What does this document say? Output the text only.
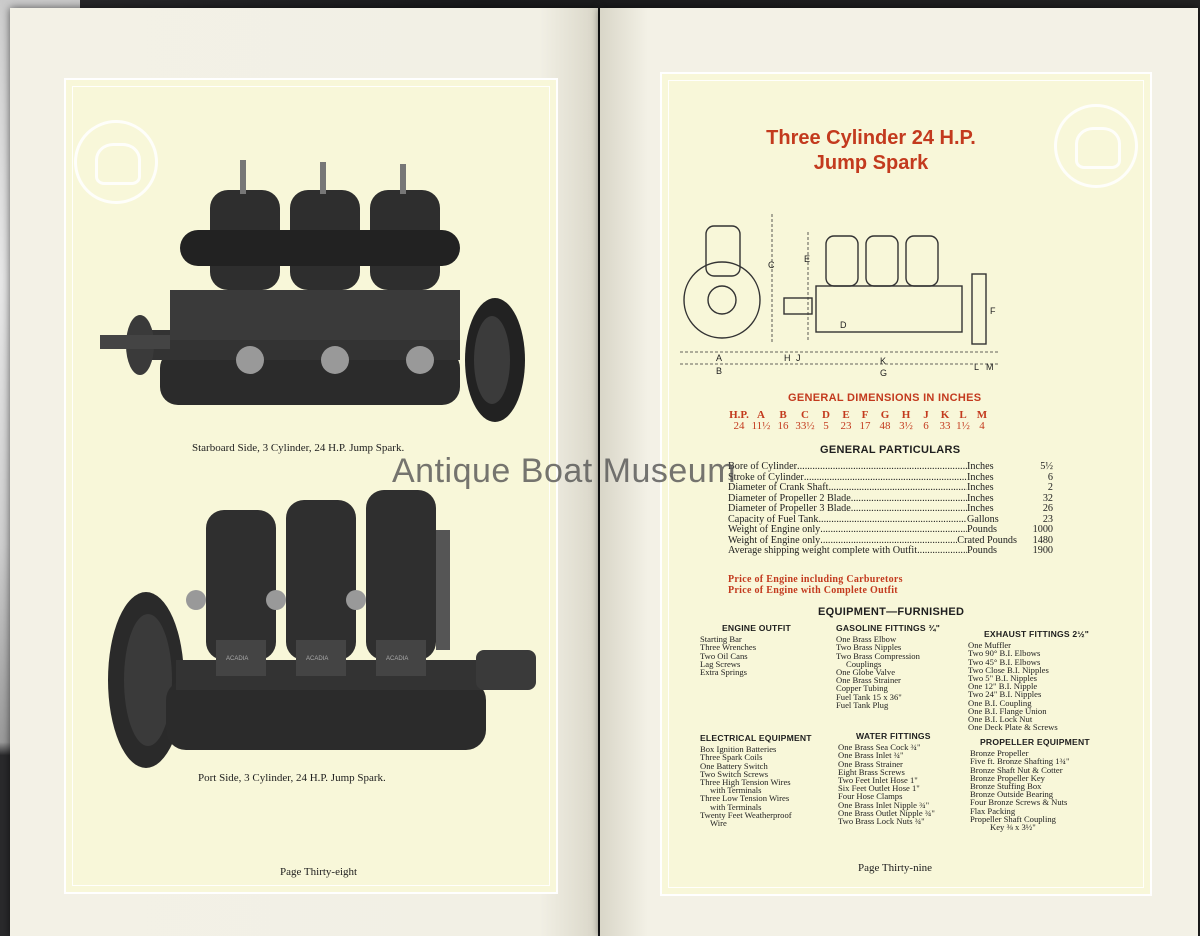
Starboard Side, 3 Cylinder, 24 H.P. Jump Spark.
ACADIA	ACADIA	ACADIA
Port Side, 3 Cylinder, 24 H.P. Jump Spark.
Page Thirty-eight
Three Cylinder 24 H.P.
Jump Spark
C
E
A
B
H J
D
K
G
F
L M
GENERAL DIMENSIONS IN INCHES
H.P. A	B	C	D	E	F	G	H	J	K L M
24 11½ 16 33½ 5	23 17 48 3½ 6 33 1½ 4
GENERAL PARTICULARS
Bore of Cylinder .....	Inches	5½
Stroke of Cylinder .....	Inches	6
Diameter of Crank Shaft .....	Inches	2
Diameter of Propeller 2 Blade .....	Inches	32
Diameter of Propeller 3 Blade .....	Inches	26
Capacity of Fuel Tank .....	Gallons	23
Weight of Engine only .....	Pounds	1000
Weight of Engine only .....	Crated Pounds	1480
Average shipping weight complete with Outfit .....	Pounds	1900
Price of Engine including Carburetors
Price of Engine with Complete Outfit
EQUIPMENT—FURNISHED
ENGINE OUTFIT
Starting Bar
Three Wrenches
Two Oil Cans
Lag Screws
Extra Springs
GASOLINE FITTINGS ¾"
One Brass Elbow
Two Brass Nipples
Two Brass Compression
Couplings
One Globe Valve
One Brass Strainer
Copper Tubing
Fuel Tank 15 x 36"
Fuel Tank Plug
EXHAUST FITTINGS 2½"
One Muffler
Two 90° B.I. Elbows
Two 45° B.I. Elbows
Two Close B.I. Nipples
Two 5" B.I. Nipples
One 12" B.I. Nipple
Two 24" B.I. Nipples
One B.I. Coupling
One B.I. Flange Union
One B.I. Lock Nut
One Deck Plate & Screws
ELECTRICAL EQUIPMENT
Box Ignition Batteries
Three Spark Coils
One Battery Switch
Two Switch Screws
Three High Tension Wires
with Terminals
Three Low Tension Wires
with Terminals
Twenty Feet Weatherproof
Wire
WATER FITTINGS
One Brass Sea Cock ¾"
One Brass Inlet ¾"
One Brass Strainer
Eight Brass Screws
Two Feet Inlet Hose 1"
Six Feet Outlet Hose 1"
Four Hose Clamps
One Brass Inlet Nipple ¾"
One Brass Outlet Nipple ¾"
Two Brass Lock Nuts ¾"
PROPELLER EQUIPMENT
Bronze Propeller
Five ft. Bronze Shafting 1¾"
Bronze Shaft Nut & Cotter
Bronze Propeller Key
Bronze Stuffing Box
Bronze Outside Bearing
Four Bronze Screws & Nuts
Flax Packing
Propeller Shaft Coupling
Key ⅜ x 3½"
Page Thirty-nine
Antique Boat Museum
